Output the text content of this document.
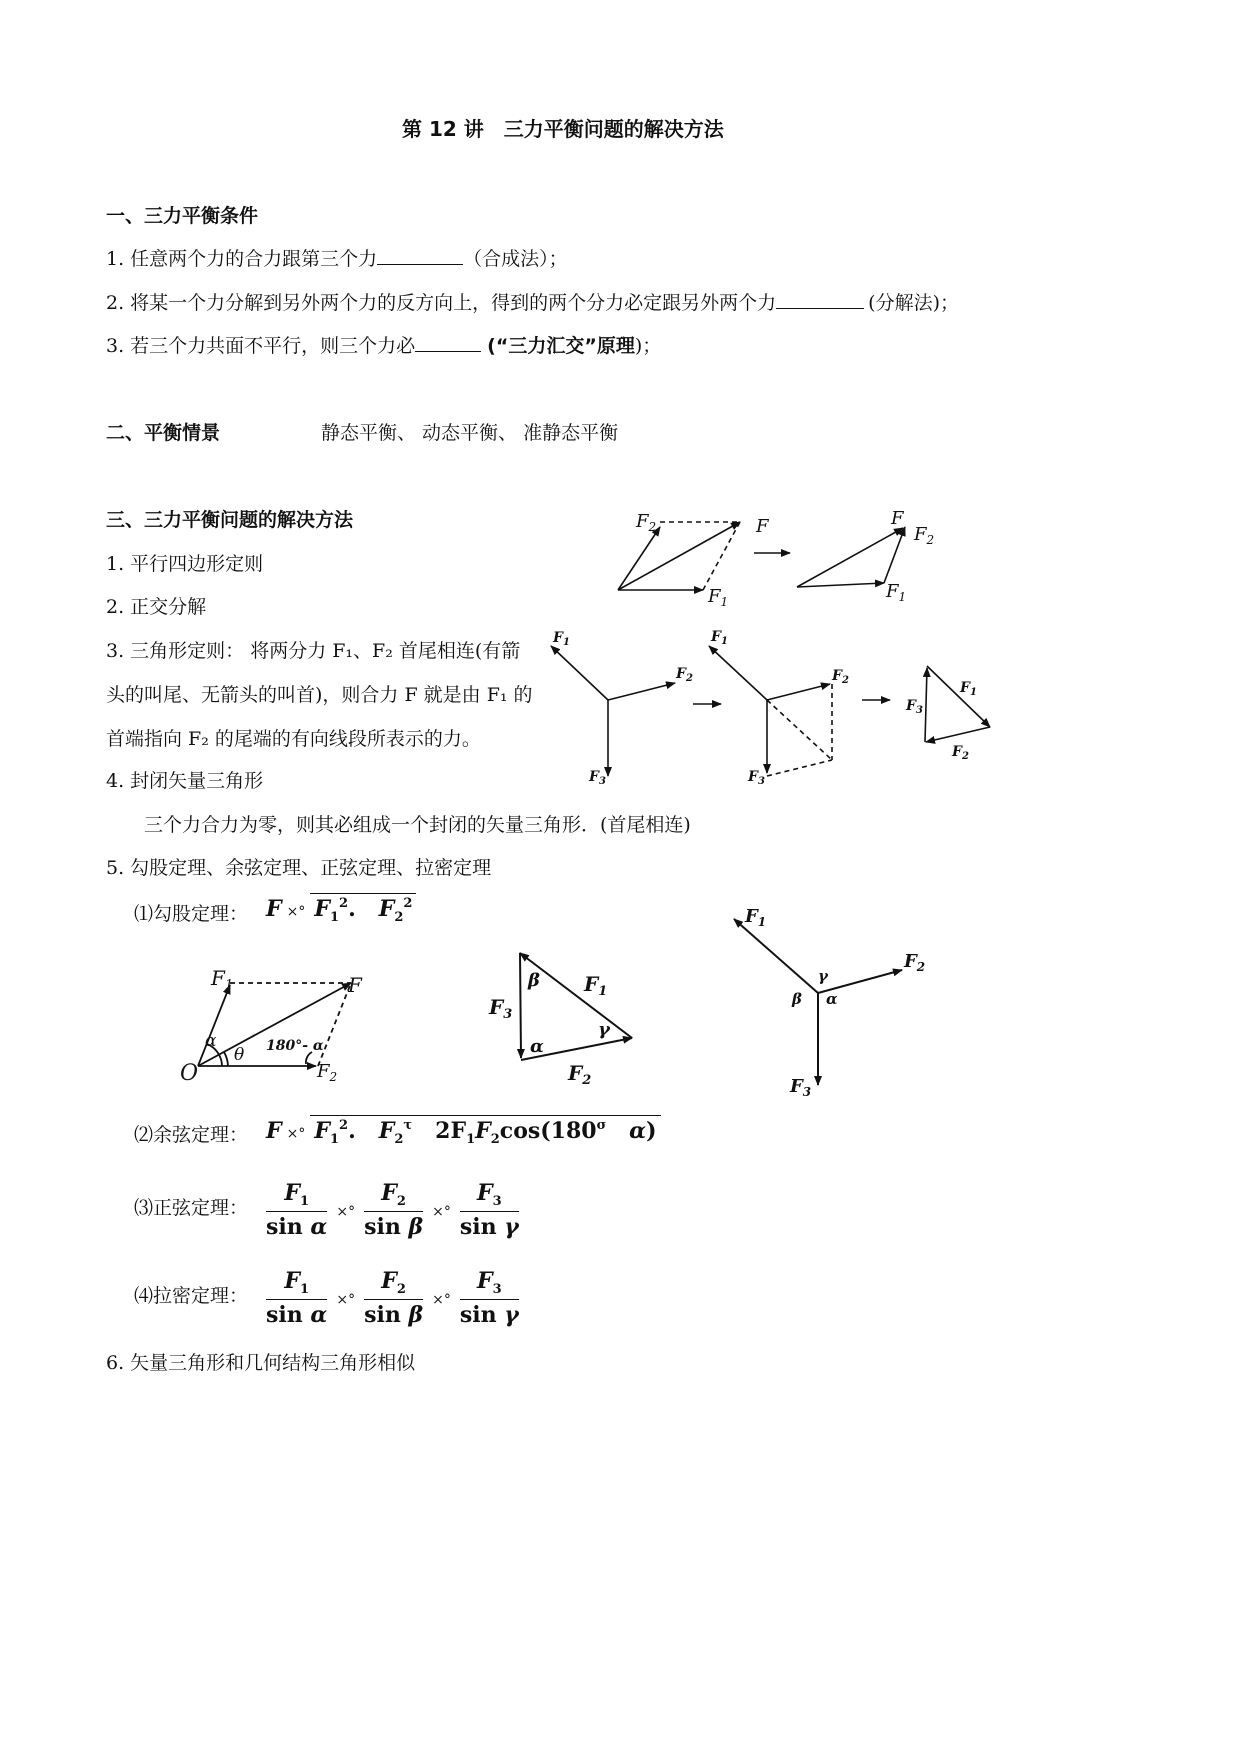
第 12 讲　三力平衡问题的解决方法
一、三力平衡条件
1. 任意两个力的合力跟第三个力	（合成法）；
2. 将某一个力分解到另外两个力的反方向上，得到的两个分力必定跟另外两个力	(分解法)；
3. 若三个力共面不平行，则三个力必	(“三力汇交”原理)；
二、平衡情景	静态平衡、 动态平衡、 准静态平衡
三、三力平衡问题的解决方法
1. 平行四边形定则
2. 正交分解
3. 三角形定则： 将两分力 F₁、F₂ 首尾相连(有箭
头的叫尾、无箭头的叫首)，则合力 F 就是由 F₁ 的
首端指向 F₂ 的尾端的有向线段所表示的力。
4. 封闭矢量三角形
三个力合力为零，则其必组成一个封闭的矢量三角形．(首尾相连)
5. 勾股定理、余弦定理、正弦定理、拉密定理
⑴勾股定理：
⑵余弦定理：
⑶正弦定理：
⑷拉密定理：
6. 矢量三角形和几何结构三角形相似
F ×° $F_1^2$. $F_2^2$
F ×° $F_1^2$. $F_2^\tau$ $2F_1F_2\cos(180^\sigma$ α)
$\frac{F_1}{\text{sin α}}$ ×° $\frac{F_2}{\text{sin β}}$ ×° $\frac{F_3}{\text{sin γ}}$
$\frac{F_1}{\text{sin α}}$ ×° $\frac{F_2}{\text{sin β}}$ ×° $\frac{F_3}{\text{sin γ}}$
$F_2$
$F_1$
F	F
$F_2$
$F_1$
$F_1$
$F_2$
$F_3$
$F_1$
$F_2$
$F_3$
$F_1$
$F_3$
$F_2$
$F_1$	F
$F_2$
O
α
θ 180°- α
β $F_1$
$F_3$
γ
α
$F_2$
$F_1$
$F_2$
$F_3$
γ
β α
